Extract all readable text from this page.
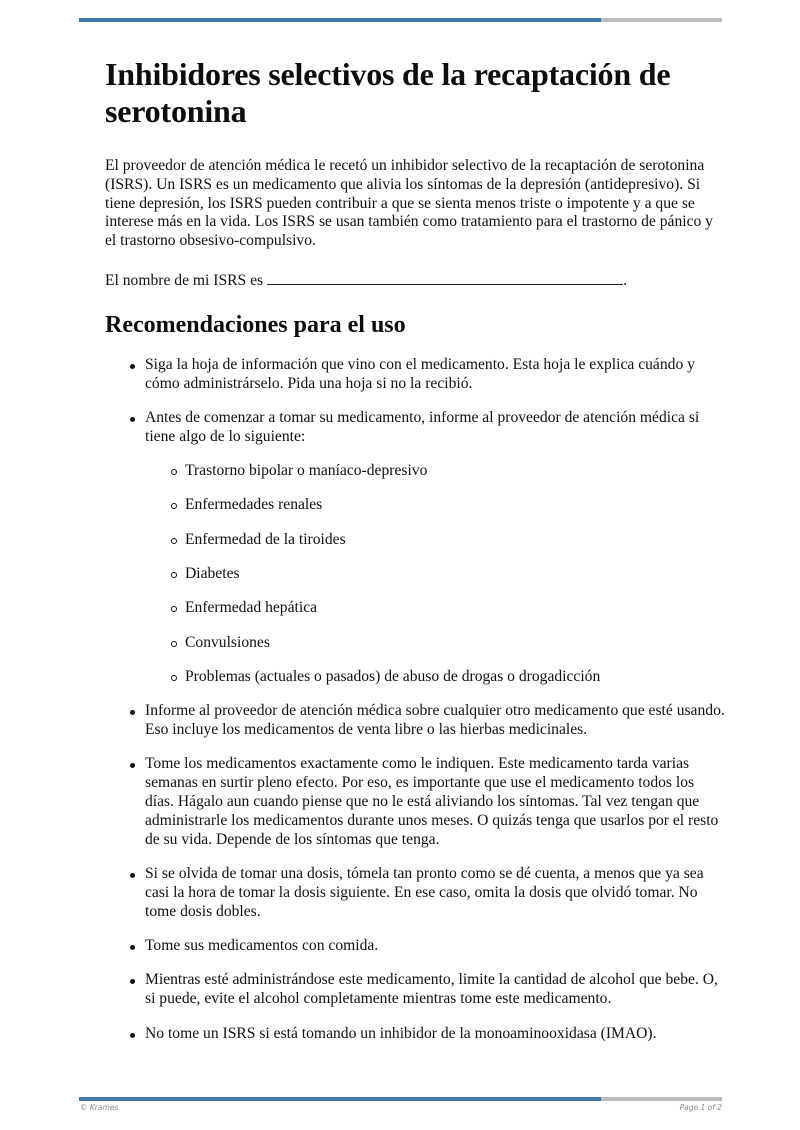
Inhibidores selectivos de la recaptación de serotonina

El proveedor de atención médica le recetó un inhibidor selectivo de la recaptación de serotonina (ISRS). Un ISRS es un medicamento que alivia los síntomas de la depresión (antidepresivo). Si tiene depresión, los ISRS pueden contribuir a que se sienta menos triste o impotente y a que se interese más en la vida. Los ISRS se usan también como tratamiento para el trastorno de pánico y el trastorno obsesivo-compulsivo.

El nombre de mi ISRS es	.

Recomendaciones para el uso
Siga la hoja de información que vino con el medicamento. Esta hoja le explica cuándo y cómo administrárselo. Pida una hoja si no la recibió.
Antes de comenzar a tomar su medicamento, informe al proveedor de atención médica si tiene algo de lo siguiente:
Trastorno bipolar o maníaco-depresivo
Enfermedades renales
Enfermedad de la tiroides
Diabetes
Enfermedad hepática
Convulsiones
Problemas (actuales o pasados) de abuso de drogas o drogadicción
Informe al proveedor de atención médica sobre cualquier otro medicamento que esté usando. Eso incluye los medicamentos de venta libre o las hierbas medicinales.
Tome los medicamentos exactamente como le indiquen. Este medicamento tarda varias semanas en surtir pleno efecto. Por eso, es importante que use el medicamento todos los días. Hágalo aun cuando piense que no le está aliviando los síntomas. Tal vez tengan que administrarle los medicamentos durante unos meses. O quizás tenga que usarlos por el resto de su vida. Depende de los síntomas que tenga.
Si se olvida de tomar una dosis, tómela tan pronto como se dé cuenta, a menos que ya sea casi la hora de tomar la dosis siguiente. En ese caso, omita la dosis que olvidó tomar. No tome dosis dobles.
Tome sus medicamentos con comida.
Mientras esté administrándose este medicamento, limite la cantidad de alcohol que bebe. O, si puede, evite el alcohol completamente mientras tome este medicamento.
No tome un ISRS si está tomando un inhibidor de la monoaminooxidasa (IMAO).
© Krames	Page 1 of 2
